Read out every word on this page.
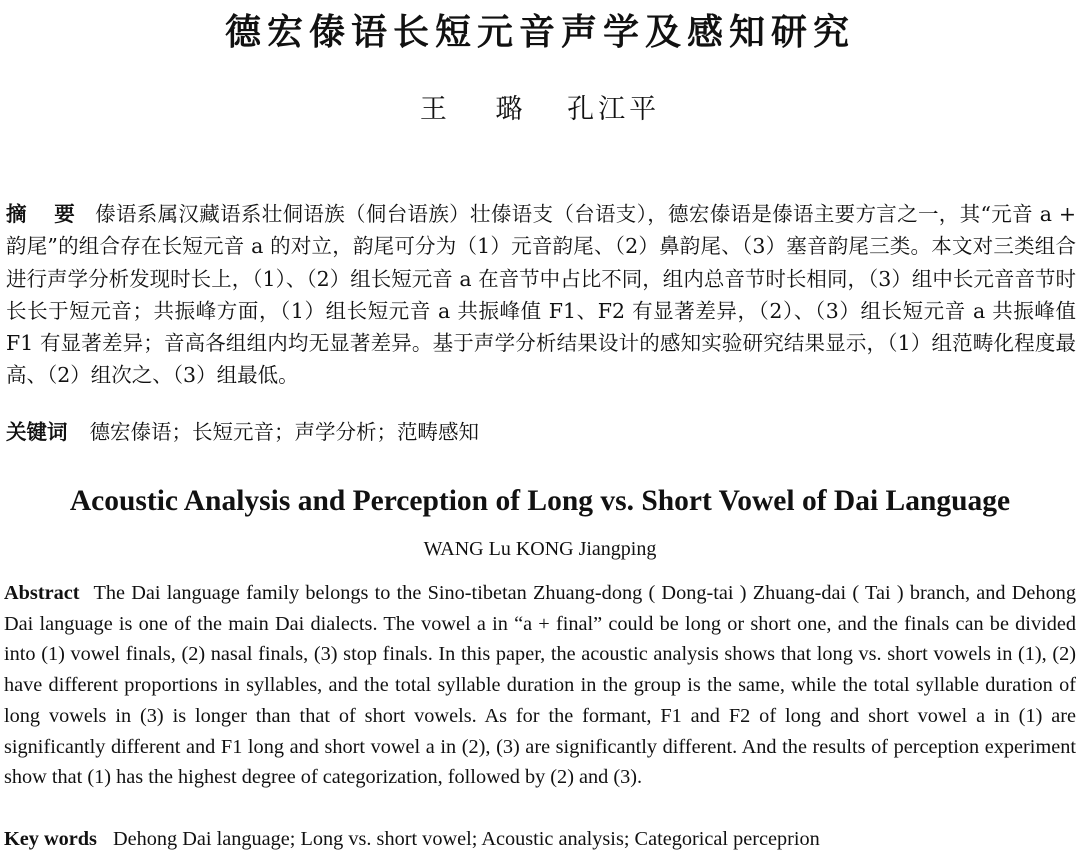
德宏傣语长短元音声学及感知研究

王 璐 孔江平

摘 要 傣语系属汉藏语系壮侗语族（侗台语族）壮傣语支（台语支），德宏傣语是傣语主要方言之一，其“元音 a + 韵尾”的组合存在长短元音 a 的对立，韵尾可分为（1）元音韵尾、（2）鼻韵尾、（3）塞音韵尾三类。本文对三类组合进行声学分析发现时长上，（1）、（2）组长短元音 a 在音节中占比不同，组内总音节时长相同，（3）组中长元音音节时长长于短元音；共振峰方面，（1）组长短元音 a 共振峰值 F1、F2 有显著差异，（2）、（3）组长短元音 a 共振峰值 F1 有显著差异；音高各组组内均无显著差异。基于声学分析结果设计的感知实验研究结果显示，（1）组范畴化程度最高、（2）组次之、（3）组最低。

关键词 德宏傣语；长短元音；声学分析；范畴感知

Acoustic Analysis and Perception of Long vs. Short Vowel of Dai Language

WANG Lu KONG Jiangping

Abstract The Dai language family belongs to the Sino-tibetan Zhuang-dong ( Dong-tai ) Zhuang-dai ( Tai ) branch, and Dehong Dai language is one of the main Dai dialects. The vowel a in “a + final” could be long or short one, and the finals can be divided into (1) vowel finals, (2) nasal finals, (3) stop finals. In this paper, the acoustic analysis shows that long vs. short vowels in (1), (2) have different proportions in syllables, and the total syllable duration in the group is the same, while the total syllable duration of long vowels in (3) is longer than that of short vowels. As for the formant, F1 and F2 of long and short vowel a in (1) are significantly different and F1 long and short vowel a in (2), (3) are significantly different. And the results of perception experiment show that (1) has the highest degree of categorization, followed by (2) and (3).

Key words Dehong Dai language; Long vs. short vowel; Acoustic analysis; Categorical perceprion
